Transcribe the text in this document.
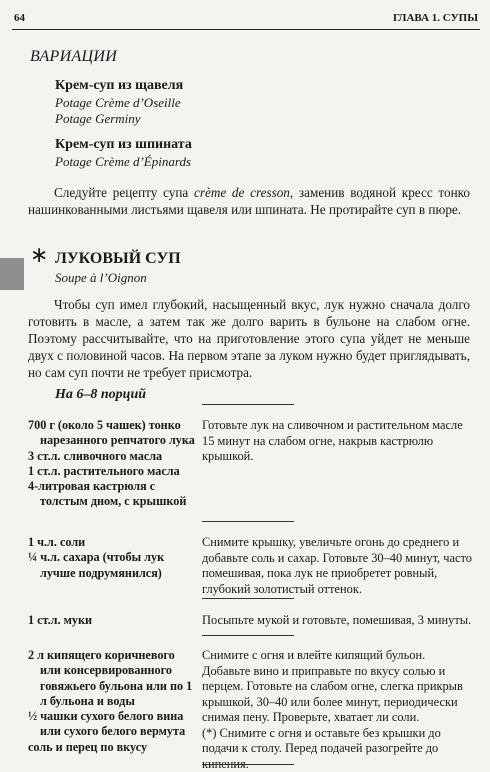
64	ГЛАВА 1. СУПЫ
ВАРИАЦИИ
Крем-суп из щавеля
Potage Crème d’Oseille
Potage Germiny
Крем-суп из шпината
Potage Crème d’Épinards
Следуйте рецепту супа crème de cresson, заменив водяной кресс тонко нашинкованными листьями щавеля или шпината. Не протирайте суп в пюре.
∗ ЛУКОВЫЙ СУП
Soupe à l’Oignon
Чтобы суп имел глубокий, насыщенный вкус, лук нужно сначала долго готовить в масле, а затем так же долго варить в бульоне на слабом огне. Поэтому рассчитывайте, что на приготовление этого супа уйдет не меньше двух с половиной часов. На первом этапе за луком нужно будет приглядывать, но сам суп почти не требует присмотра.
На 6–8 порций
700 г (около 5 чашек) тонко нарезанного репчатого лука
3 ст.л. сливочного масла
1 ст.л. растительного масла
4-литровая кастрюля с толстым дном, с крышкой
Готовьте лук на сливочном и растительном масле 15 минут на слабом огне, накрыв кастрюлю крышкой.
1 ч.л. соли
¼ ч.л. сахара (чтобы лук лучше подрумянился)
Снимите крышку, увеличьте огонь до среднего и добавьте соль и сахар. Готовьте 30–40 минут, часто помешивая, пока лук не приобретет ровный, глубокий золотистый оттенок.
1 ст.л. муки	Посыпьте мукой и готовьте, помешивая, 3 минуты.
2 л кипящего коричневого или консервированного говяжьего бульона или по 1 л бульона и воды
½ чашки сухого белого вина или сухого белого вермута
соль и перец по вкусу
Снимите с огня и влейте кипящий бульон. Добавьте вино и приправьте по вкусу солью и перцем. Готовьте на слабом огне, слегка прикрыв крышкой, 30–40 или более минут, периодически снимая пену. Проверьте, хватает ли соли.
(*) Снимите с огня и оставьте без крышки до подачи к столу. Перед подачей разогрейте до кипения.
